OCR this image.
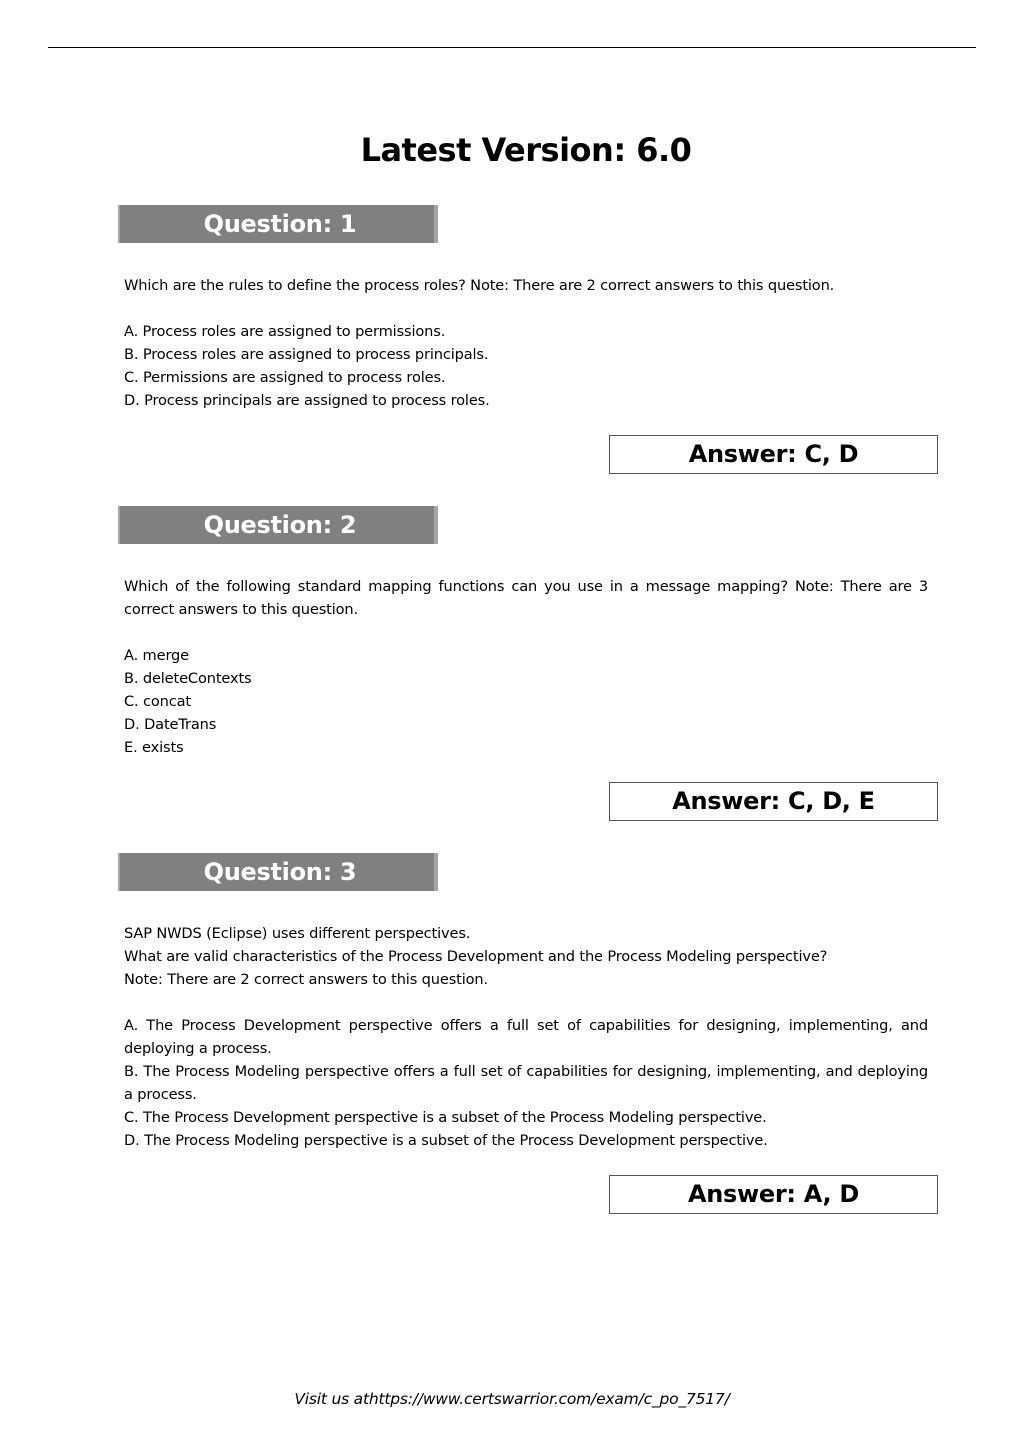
Latest Version: 6.0
Question: 1

Which are the rules to define the process roles? Note: There are 2 correct answers to this question.

A. Process roles are assigned to permissions.

B. Process roles are assigned to process principals.

C. Permissions are assigned to process roles.

D. Process principals are assigned to process roles.

Answer: C, D
Question: 2

Which of the following standard mapping functions can you use in a message mapping? Note: There are 3 correct answers to this question.

A. merge

B. deleteContexts

C. concat

D. DateTrans

E. exists

Answer: C, D, E
Question: 3

SAP NWDS (Eclipse) uses different perspectives.

What are valid characteristics of the Process Development and the Process Modeling perspective?

Note: There are 2 correct answers to this question.

A. The Process Development perspective offers a full set of capabilities for designing, implementing, and deploying a process.

B. The Process Modeling perspective offers a full set of capabilities for designing, implementing, and deploying a process.

C. The Process Development perspective is a subset of the Process Modeling perspective.

D. The Process Modeling perspective is a subset of the Process Development perspective.

Answer: A, D
Visit us athttps://www.certswarrior.com/exam/c_po_7517/
